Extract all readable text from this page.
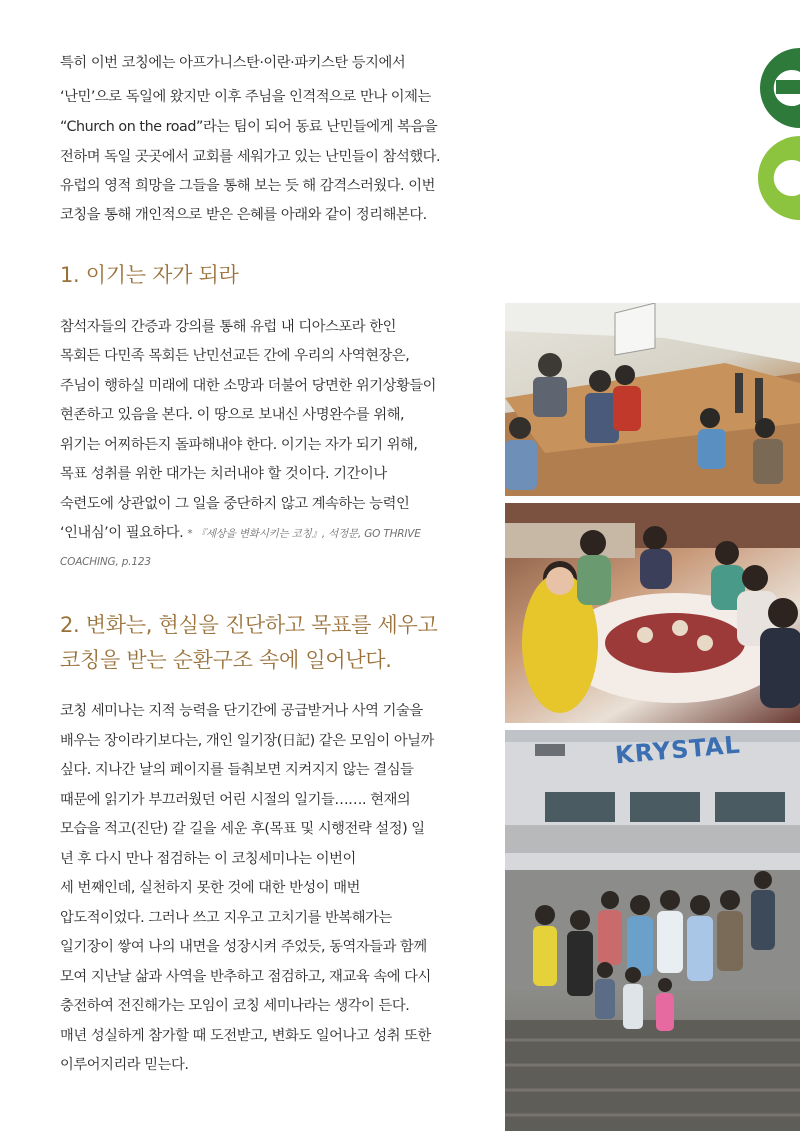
특히 이번 코칭에는 아프가니스탄·이란·파키스탄 등지에서

‘난민’으로 독일에 왔지만 이후 주님을 인격적으로 만나 이제는

“Church on the road”라는 팀이 되어 동료 난민들에게 복음을

전하며 독일 곳곳에서 교회를 세워가고 있는 난민들이 참석했다.

유럽의 영적 희망을 그들을 통해 보는 듯 해 감격스러웠다. 이번

코칭을 통해 개인적으로 받은 은혜를 아래와 같이 정리해본다.

1. 이기는 자가 되라

참석자들의 간증과 강의를 통해 유럽 내 디아스포라 한인

목회든 다민족 목회든 난민선교든 간에 우리의 사역현장은,

주님이 행하실 미래에 대한 소망과 더불어 당면한 위기상황들이

현존하고 있음을 본다. 이 땅으로 보내신 사명완수를 위해,

위기는 어찌하든지 돌파해내야 한다. 이기는 자가 되기 위해,

목표 성취를 위한 대가는 치러내야 할 것이다. 기간이나

숙련도에 상관없이 그 일을 중단하지 않고 계속하는 능력인

‘인내심’이 필요하다. * 『세상을 변화시키는 코칭』, 석정문, GO THRIVE

COACHING, p.123

2. 변화는, 현실을 진단하고 목표를 세우고
코칭을 받는 순환구조 속에 일어난다.

코칭 세미나는 지적 능력을 단기간에 공급받거나 사역 기술을

배우는 장이라기보다는, 개인 일기장(日記) 같은 모임이 아닐까

싶다. 지나간 날의 페이지를 들춰보면 지켜지지 않는 결심들

때문에 읽기가 부끄러웠던 어린 시절의 일기들……. 현재의

모습을 적고(진단) 갈 길을 세운 후(목표 및 시행전략 설정) 일

년 후 다시 만나 점검하는 이 코칭세미나는 이번이

세 번째인데, 실천하지 못한 것에 대한 반성이 매번

압도적이었다. 그러나 쓰고 지우고 고치기를 반복해가는

일기장이 쌓여 나의 내면을 성장시켜 주었듯, 동역자들과 함께

모여 지난날 삶과 사역을 반추하고 점검하고, 재교육 속에 다시

충전하여 전진해가는 모임이 코칭 세미나라는 생각이 든다.

매년 성실하게 참가할 때 도전받고, 변화도 일어나고 성취 또한

이루어지리라 믿는다.

KRYSTAL
